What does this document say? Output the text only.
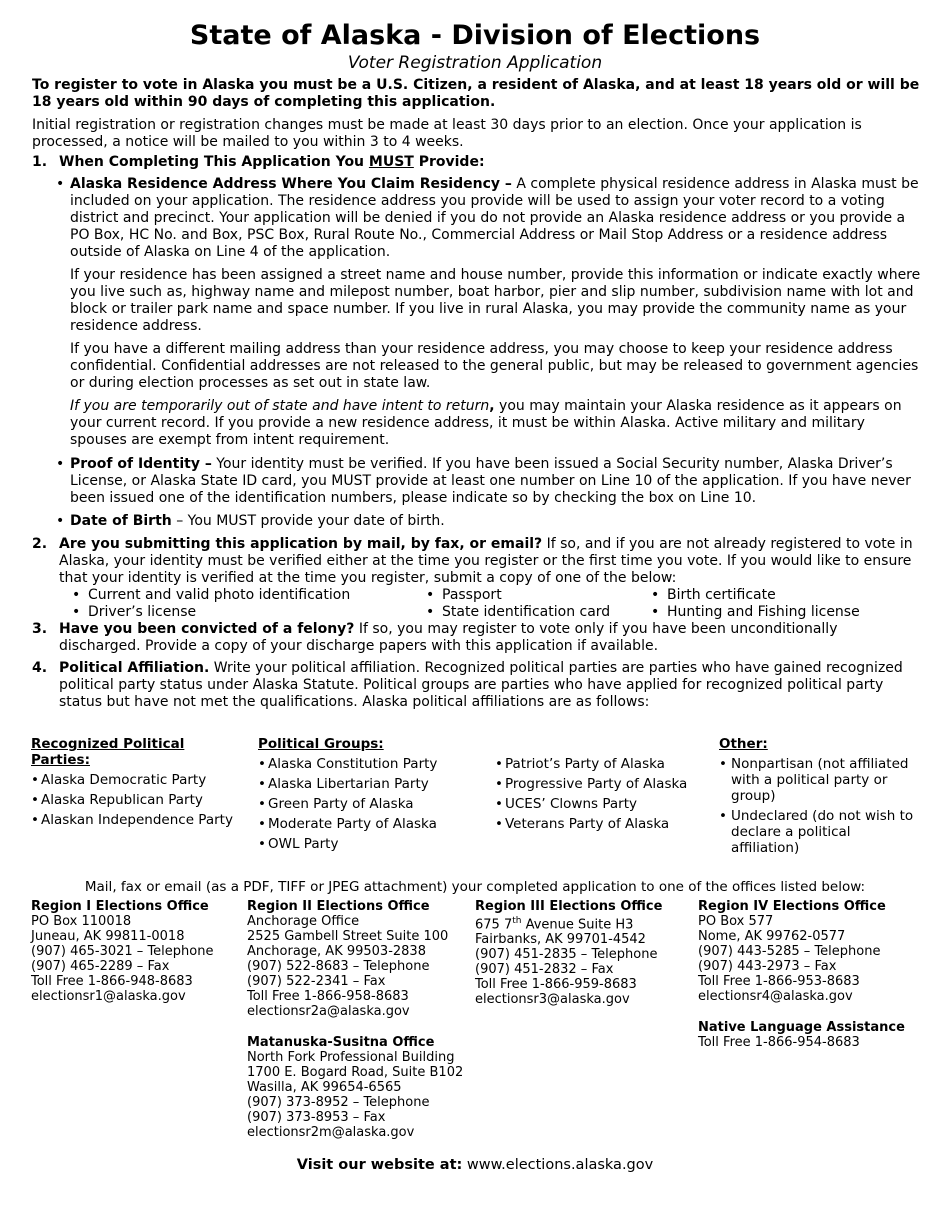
State of Alaska - Division of Elections
Voter Registration Application
To register to vote in Alaska you must be a U.S. Citizen, a resident of Alaska, and at least 18 years old or will be 18 years old within 90 days of completing this application.
Initial registration or registration changes must be made at least 30 days prior to an election. Once your application is processed, a notice will be mailed to you within 3 to 4 weeks.
1. When Completing This Application You MUST Provide:
• Alaska Residence Address Where You Claim Residency – A complete physical residence address in Alaska must be included on your application. The residence address you provide will be used to assign your voter record to a voting district and precinct. Your application will be denied if you do not provide an Alaska residence address or you provide a PO Box, HC No. and Box, PSC Box, Rural Route No., Commercial Address or Mail Stop Address or a residence address outside of Alaska on Line 4 of the application.
If your residence has been assigned a street name and house number, provide this information or indicate exactly where you live such as, highway name and milepost number, boat harbor, pier and slip number, subdivision name with lot and block or trailer park name and space number. If you live in rural Alaska, you may provide the community name as your residence address.
If you have a different mailing address than your residence address, you may choose to keep your residence address confidential. Confidential addresses are not released to the general public, but may be released to government agencies or during election processes as set out in state law.
If you are temporarily out of state and have intent to return, you may maintain your Alaska residence as it appears on your current record. If you provide a new residence address, it must be within Alaska. Active military and military spouses are exempt from intent requirement.
• Proof of Identity – Your identity must be verified. If you have been issued a Social Security number, Alaska Driver’s License, or Alaska State ID card, you MUST provide at least one number on Line 10 of the application. If you have never been issued one of the identification numbers, please indicate so by checking the box on Line 10.
• Date of Birth – You MUST provide your date of birth.
2. Are you submitting this application by mail, by fax, or email? If so, and if you are not already registered to vote in Alaska, your identity must be verified either at the time you register or the first time you vote. If you would like to ensure that your identity is verified at the time you register, submit a copy of one of the below:
• Current and valid photo identification
• Driver’s license
• Passport
• State identification card
• Birth certificate
• Hunting and Fishing license
3. Have you been convicted of a felony? If so, you may register to vote only if you have been unconditionally discharged. Provide a copy of your discharge papers with this application if available.
4. Political Affiliation. Write your political affiliation. Recognized political parties are parties who have gained recognized political party status under Alaska Statute. Political groups are parties who have applied for recognized political party status but have not met the qualifications. Alaska political affiliations are as follows:
Recognized Political Parties:
• Alaska Democratic Party
• Alaska Republican Party
• Alaskan Independence Party
Political Groups:
• Alaska Constitution Party
• Alaska Libertarian Party
• Green Party of Alaska
• Moderate Party of Alaska
• OWL Party
• Patriot’s Party of Alaska
• Progressive Party of Alaska
• UCES’ Clowns Party
• Veterans Party of Alaska
Other:
• Nonpartisan (not affiliated with a political party or group)
• Undeclared (do not wish to declare a political affiliation)
Mail, fax or email (as a PDF, TIFF or JPEG attachment) your completed application to one of the offices listed below:
Region I Elections Office
PO Box 110018
Juneau, AK 99811-0018
(907) 465-3021 – Telephone
(907) 465-2289 – Fax
Toll Free 1-866-948-8683
electionsr1@alaska.gov
Region II Elections Office
Anchorage Office
2525 Gambell Street Suite 100
Anchorage, AK 99503-2838
(907) 522-8683 – Telephone
(907) 522-2341 – Fax
Toll Free 1-866-958-8683
electionsr2a@alaska.gov
Matanuska-Susitna Office
North Fork Professional Building
1700 E. Bogard Road, Suite B102
Wasilla, AK 99654-6565
(907) 373-8952 – Telephone
(907) 373-8953 – Fax
electionsr2m@alaska.gov
Region III Elections Office
675 7th Avenue Suite H3
Fairbanks, AK 99701-4542
(907) 451-2835 – Telephone
(907) 451-2832 – Fax
Toll Free 1-866-959-8683
electionsr3@alaska.gov
Region IV Elections Office
PO Box 577
Nome, AK 99762-0577
(907) 443-5285 – Telephone
(907) 443-2973 – Fax
Toll Free 1-866-953-8683
electionsr4@alaska.gov
Native Language Assistance
Toll Free 1-866-954-8683
Visit our website at: www.elections.alaska.gov
